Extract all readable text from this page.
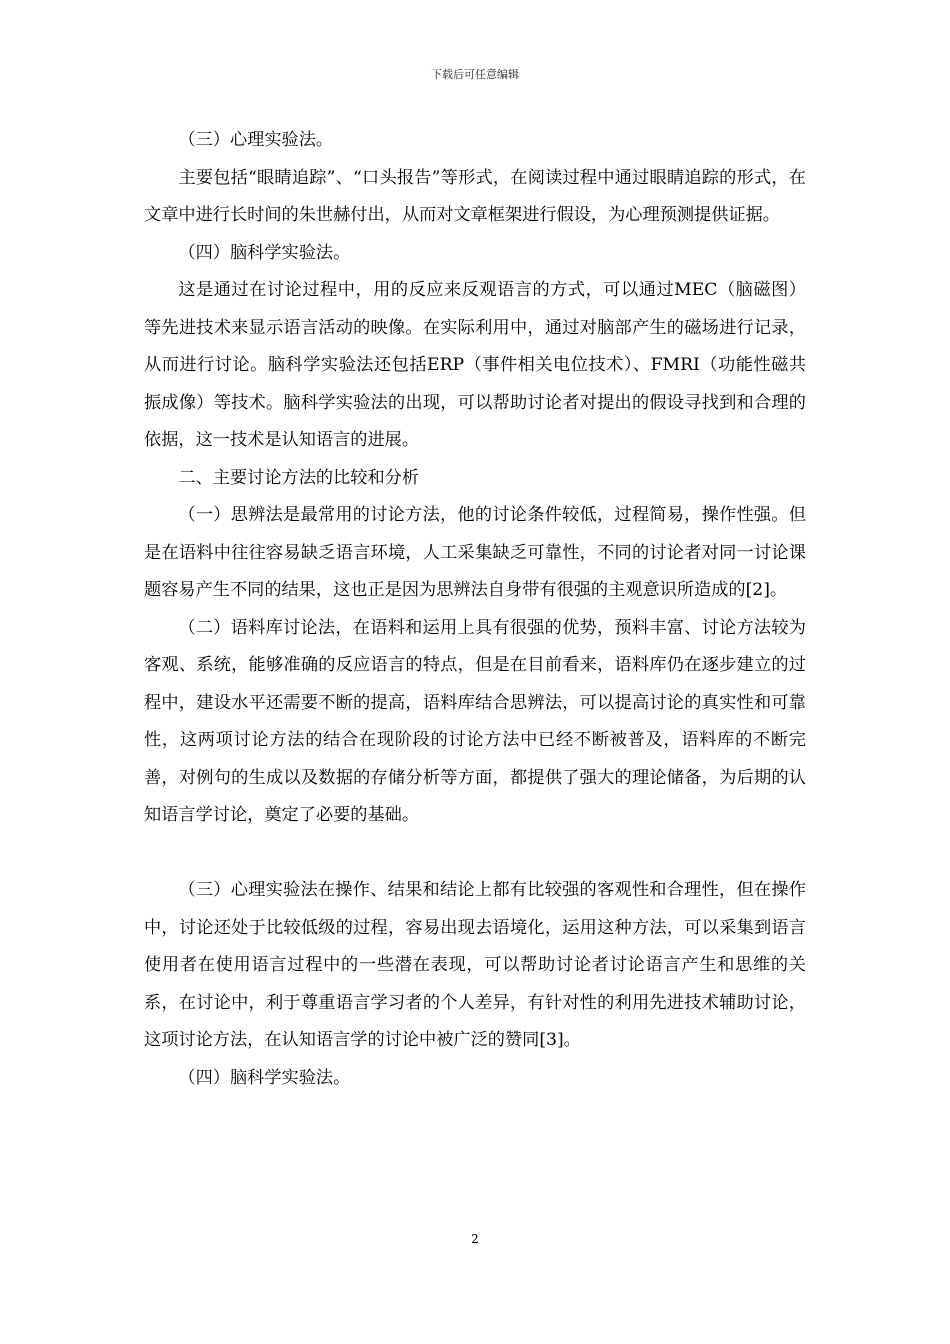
下载后可任意编辑

（三）心理实验法。

主要包括“眼睛追踪”、“口头报告”等形式，在阅读过程中通过眼睛追踪的形式，在文章中进行长时间的朱世赫付出，从而对文章框架进行假设，为心理预测提供证据。

（四）脑科学实验法。

这是通过在讨论过程中，用的反应来反观语言的方式，可以通过MEC（脑磁图）等先进技术来显示语言活动的映像。在实际利用中，通过对脑部产生的磁场进行记录，从而进行讨论。脑科学实验法还包括ERP（事件相关电位技术）、FMRI（功能性磁共振成像）等技术。脑科学实验法的出现，可以帮助讨论者对提出的假设寻找到和合理的依据，这一技术是认知语言的进展。

二、主要讨论方法的比较和分析

（一）思辨法是最常用的讨论方法，他的讨论条件较低，过程简易，操作性强。但是在语料中往往容易缺乏语言环境，人工采集缺乏可靠性，不同的讨论者对同一讨论课题容易产生不同的结果，这也正是因为思辨法自身带有很强的主观意识所造成的[2]。

（二）语料库讨论法，在语料和运用上具有很强的优势，预料丰富、讨论方法较为客观、系统，能够准确的反应语言的特点，但是在目前看来，语料库仍在逐步建立的过程中，建设水平还需要不断的提高，语料库结合思辨法，可以提高讨论的真实性和可靠性，这两项讨论方法的结合在现阶段的讨论方法中已经不断被普及，语料库的不断完善，对例句的生成以及数据的存储分析等方面，都提供了强大的理论储备，为后期的认知语言学讨论，奠定了必要的基础。

（三）心理实验法在操作、结果和结论上都有比较强的客观性和合理性，但在操作中，讨论还处于比较低级的过程，容易出现去语境化，运用这种方法，可以采集到语言使用者在使用语言过程中的一些潜在表现，可以帮助讨论者讨论语言产生和思维的关系，在讨论中，利于尊重语言学习者的个人差异，有针对性的利用先进技术辅助讨论，这项讨论方法，在认知语言学的讨论中被广泛的赞同[3]。

（四）脑科学实验法。

2
